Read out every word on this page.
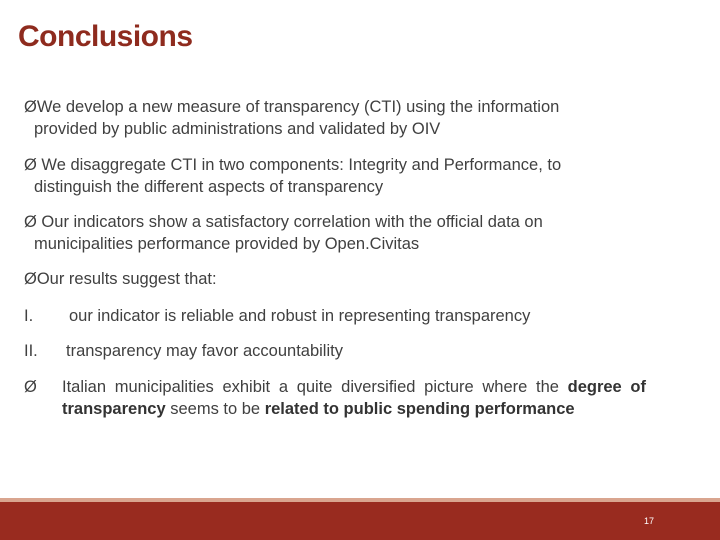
Conclusions
ØWe develop a new measure of transparency (CTI) using the information
provided by public administrations and validated by OIV
Ø We disaggregate CTI in two components: Integrity and Performance, to
distinguish the different aspects of transparency
Ø Our indicators show a satisfactory correlation with the official data on
municipalities performance provided by Open.Civitas
ØOur results suggest that:
I.	our indicator is reliable and robust in representing transparency
II.	transparency may favor accountability
Ø	Italian municipalities exhibit a quite diversified picture where the degree of transparency seems to be related to public spending performance
17
